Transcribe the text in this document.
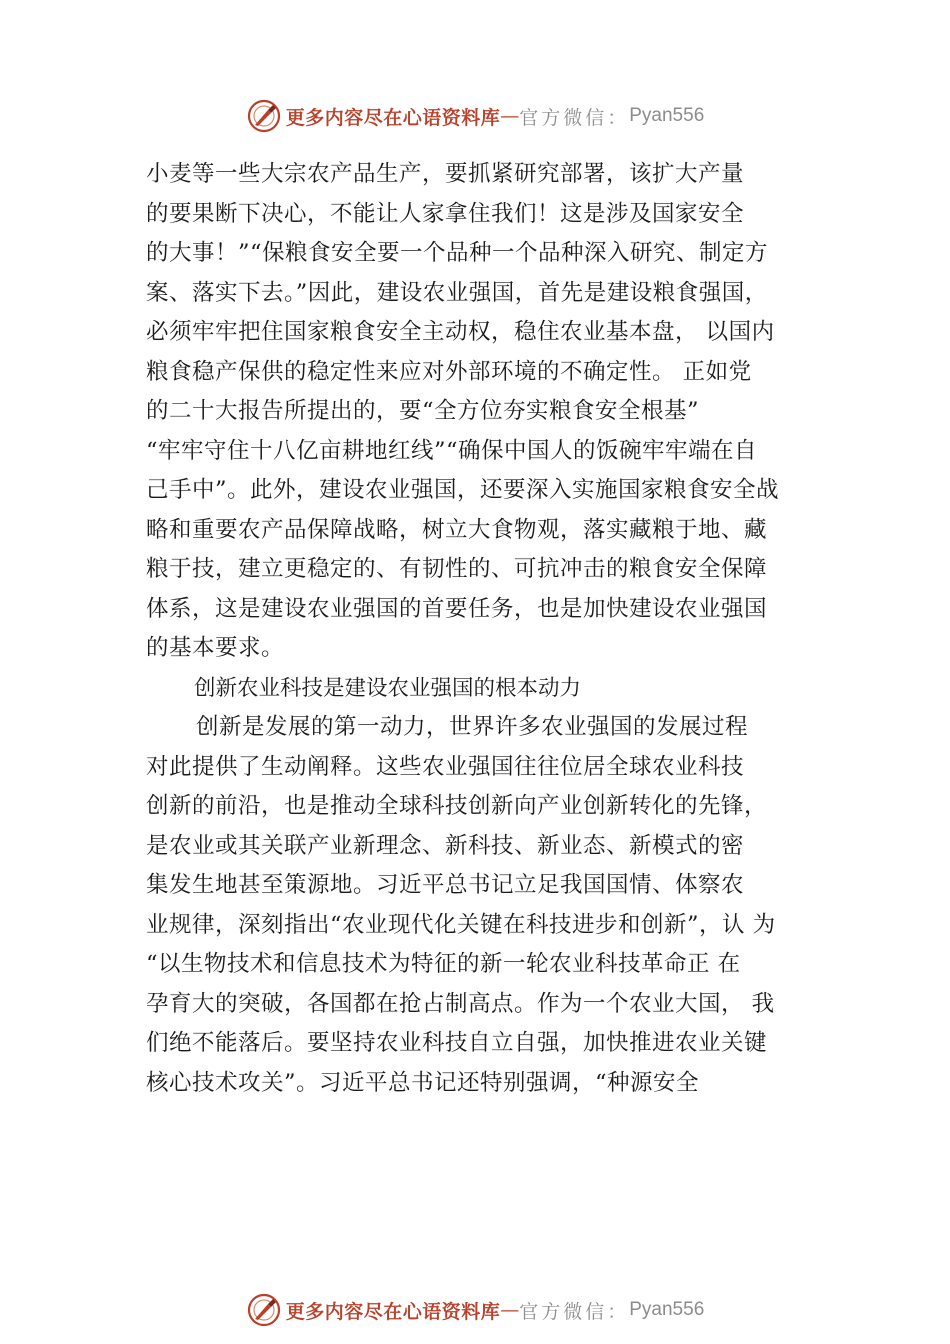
更多内容尽在心语资料库 — 官方微信： Pyan556
小麦等一些大宗农产品生产，要抓紧研究部署，该扩大产量
的要果断下决心，不能让人家拿住我们！这是涉及国家安全
的大事！”“保粮食安全要一个品种一个品种深入研究、制定方
案、落实下去。”因此，建设农业强国，首先是建设粮食强国，
必须牢牢把住国家粮食安全主动权，稳住农业基本盘， 以国内
粮食稳产保供的稳定性来应对外部环境的不确定性。 正如党
的二十大报告所提出的，要“全方位夯实粮食安全根基”
“牢牢守住十八亿亩耕地红线”“确保中国人的饭碗牢牢端在自
己手中”。此外，建设农业强国，还要深入实施国家粮食安全战
略和重要农产品保障战略，树立大食物观，落实藏粮于地、藏
粮于技，建立更稳定的、有韧性的、可抗冲击的粮食安全保障
体系，这是建设农业强国的首要任务，也是加快建设农业强国
的基本要求。
创新农业科技是建设农业强国的根本动力
创新是发展的第一动力，世界许多农业强国的发展过程
对此提供了生动阐释。这些农业强国往往位居全球农业科技
创新的前沿，也是推动全球科技创新向产业创新转化的先锋，
是农业或其关联产业新理念、新科技、新业态、新模式的密
集发生地甚至策源地。习近平总书记立足我国国情、体察农
业规律，深刻指出“农业现代化关键在科技进步和创新”，认 为
“以生物技术和信息技术为特征的新一轮农业科技革命正 在
孕育大的突破，各国都在抢占制高点。作为一个农业大国， 我
们绝不能落后。要坚持农业科技自立自强，加快推进农业关键
核心技术攻关”。习近平总书记还特别强调，“种源安全
更多内容尽在心语资料库 — 官方微信： Pyan556
